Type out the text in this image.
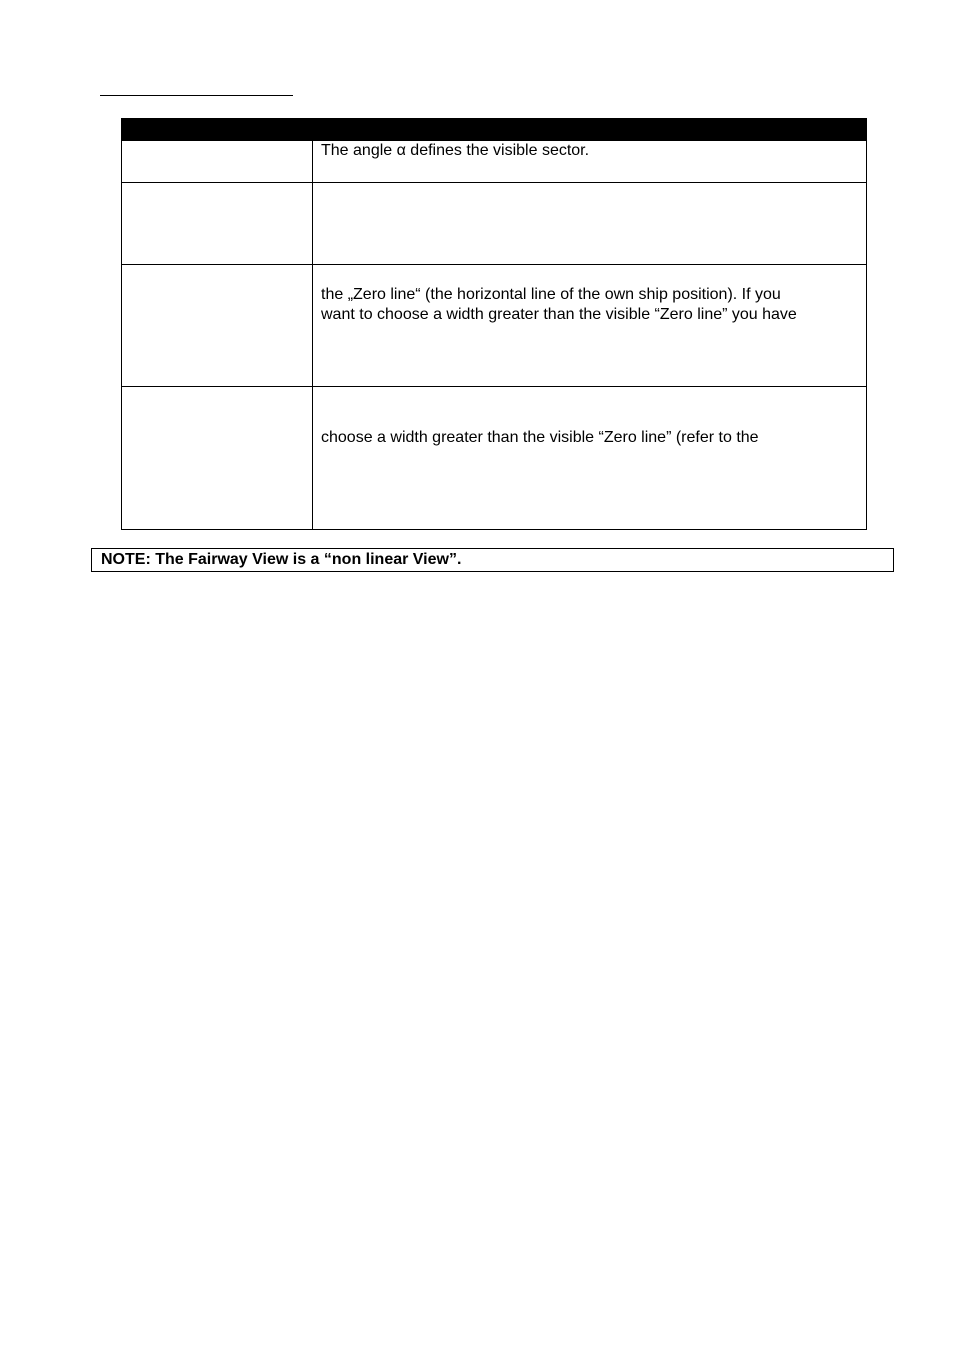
	The angle α defines the visible sector.

	the „Zero line“ (the horizontal line of the own ship position). If you
want to choose a width greater than the visible “Zero line” you have

	choose a width greater than the visible “Zero line” (refer to the
NOTE: The Fairway View is a “non linear View”.
